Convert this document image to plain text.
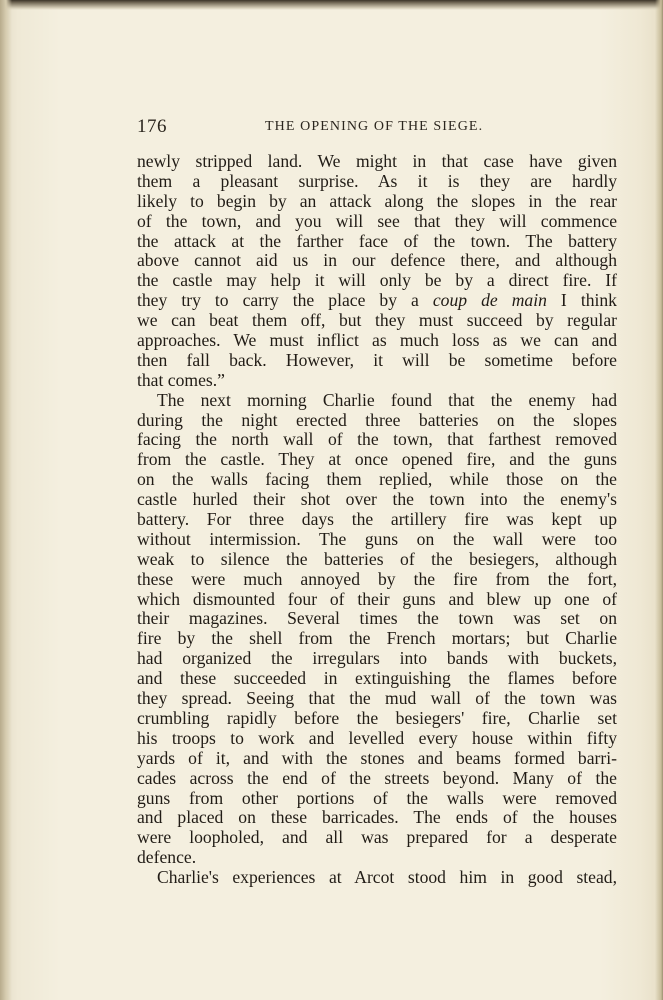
176	THE OPENING OF THE SIEGE.
newly stripped land. We might in that case have given
them a pleasant surprise. As it is they are hardly
likely to begin by an attack along the slopes in the rear
of the town, and you will see that they will commence
the attack at the farther face of the town. The battery
above cannot aid us in our defence there, and although
the castle may help it will only be by a direct fire. If
they try to carry the place by a coup de main I think
we can beat them off, but they must succeed by regular
approaches. We must inflict as much loss as we can and
then fall back. However, it will be sometime before
that comes.”
The next morning Charlie found that the enemy had
during the night erected three batteries on the slopes
facing the north wall of the town, that farthest removed
from the castle. They at once opened fire, and the guns
on the walls facing them replied, while those on the
castle hurled their shot over the town into the enemy's
battery. For three days the artillery fire was kept up
without intermission. The guns on the wall were too
weak to silence the batteries of the besiegers, although
these were much annoyed by the fire from the fort,
which dismounted four of their guns and blew up one of
their magazines. Several times the town was set on
fire by the shell from the French mortars; but Charlie
had organized the irregulars into bands with buckets,
and these succeeded in extinguishing the flames before
they spread. Seeing that the mud wall of the town was
crumbling rapidly before the besiegers' fire, Charlie set
his troops to work and levelled every house within fifty
yards of it, and with the stones and beams formed barri-
cades across the end of the streets beyond. Many of the
guns from other portions of the walls were removed
and placed on these barricades. The ends of the houses
were loopholed, and all was prepared for a desperate
defence.
Charlie's experiences at Arcot stood him in good stead,
